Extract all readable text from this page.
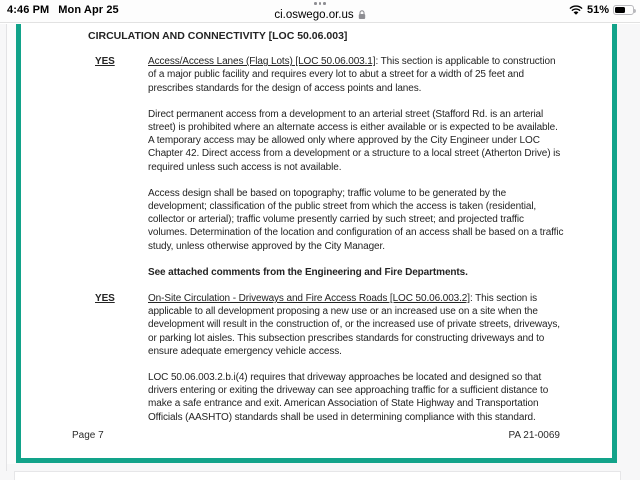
4:46 PM Mon Apr 25	ci.oswego.or.us	51%
CIRCULATION AND CONNECTIVITY [LOC 50.06.003]
YES	Access/Access Lanes (Flag Lots) [LOC 50.06.003.1]: This section is applicable to construction of a major public facility and requires every lot to abut a street for a width of 25 feet and prescribes standards for the design of access points and lanes.

Direct permanent access from a development to an arterial street (Stafford Rd. is an arterial street) is prohibited where an alternate access is either available or is expected to be available. A temporary access may be allowed only where approved by the City Engineer under LOC Chapter 42. Direct access from a development or a structure to a local street (Atherton Drive) is required unless such access is not available.

Access design shall be based on topography; traffic volume to be generated by the development; classification of the public street from which the access is taken (residential, collector or arterial); traffic volume presently carried by such street; and projected traffic volumes. Determination of the location and configuration of an access shall be based on a traffic study, unless otherwise approved by the City Manager.

See attached comments from the Engineering and Fire Departments.

YES	On-Site Circulation - Driveways and Fire Access Roads [LOC 50.06.003.2]: This section is applicable to all development proposing a new use or an increased use on a site when the development will result in the construction of, or the increased use of private streets, driveways, or parking lot aisles. This subsection prescribes standards for constructing driveways and to ensure adequate emergency vehicle access.

LOC 50.06.003.2.b.i(4) requires that driveway approaches be located and designed so that drivers entering or exiting the driveway can see approaching traffic for a sufficient distance to make a safe entrance and exit. American Association of State Highway and Transportation Officials (AASHTO) standards shall be used in determining compliance with this standard.

Page 7	PA 21-0069
